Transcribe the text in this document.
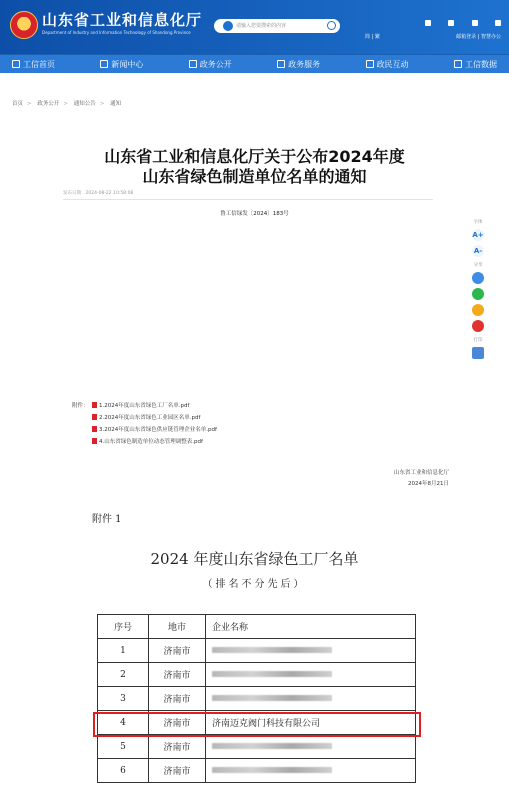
山东省工业和信息化厅
Department of Industry and Information Technology of Shandong Province
请输入您要搜索的内容
简 | 繁	邮箱登录 | 智慧办公
工信首页	新闻中心	政务公开	政务服务	政民互动	工信数据
首页 > 政务公开 > 通知公告 > 通知
山东省工业和信息化厅关于公布2024年度
山东省绿色制造单位名单的通知
发布日期：2024-08-22 10:58:08
鲁工信绿发〔2024〕183号
附件：	1.2024年度山东省绿色工厂名单.pdf
2.2024年度山东省绿色工业园区名单.pdf
3.2024年度山东省绿色供应链管理企业名单.pdf
4.山东省绿色制造单位动态管理调整表.pdf
山东省工业和信息化厅
2024年8月21日
字体
A+
A-
分享
打印
附件 1
2024 年度山东省绿色工厂名单
（排名不分先后）
序号	地市	企业名称
1	济南市	
2	济南市	
3	济南市	
4	济南市	济南迈克阀门科技有限公司
5	济南市	
6	济南市	
